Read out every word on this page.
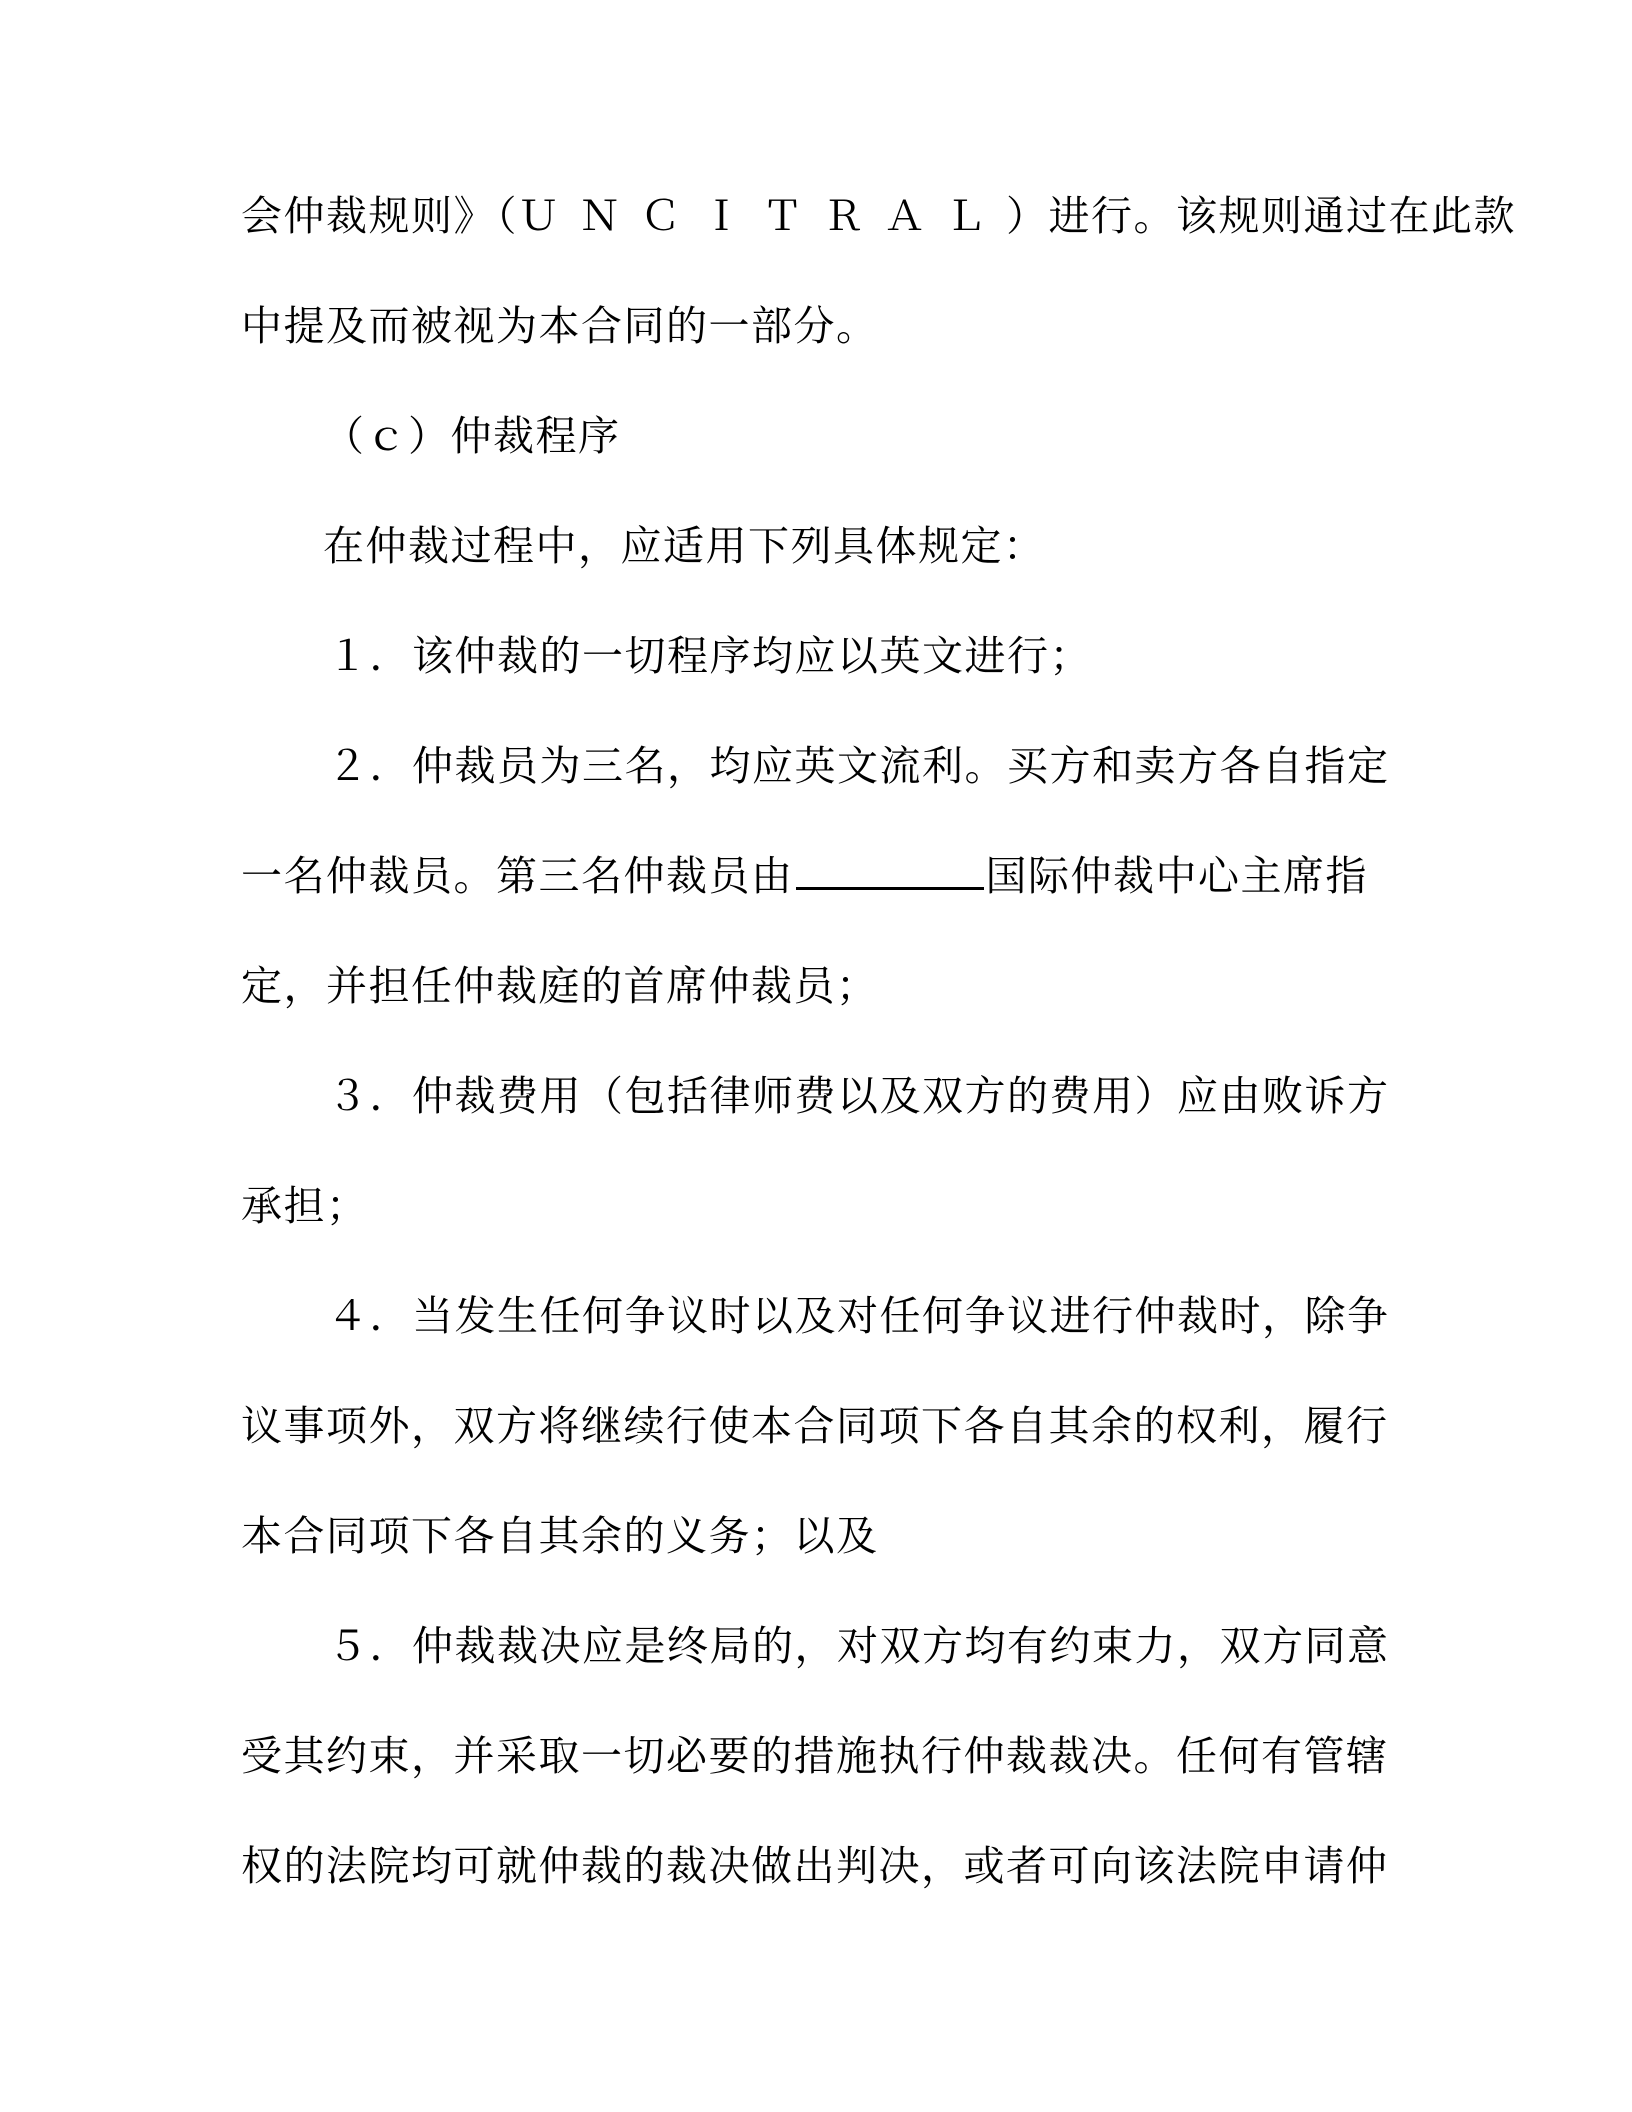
会仲裁规则》（ＵＮＣＩＴＲＡＬ）进行。该规则通过在此款
中提及而被视为本合同的一部分。
（ｃ）仲裁程序
在仲裁过程中，应适用下列具体规定：
１．该仲裁的一切程序均应以英文进行；
２．仲裁员为三名，均应英文流利。买方和卖方各自指定
一名仲裁员。第三名仲裁员由	国际仲裁中心主席指
定，并担任仲裁庭的首席仲裁员；
３．仲裁费用（包括律师费以及双方的费用）应由败诉方
承担；
４．当发生任何争议时以及对任何争议进行仲裁时，除争
议事项外，双方将继续行使本合同项下各自其余的权利，履行
本合同项下各自其余的义务；以及
５．仲裁裁决应是终局的，对双方均有约束力，双方同意
受其约束，并采取一切必要的措施执行仲裁裁决。任何有管辖
权的法院均可就仲裁的裁决做出判决，或者可向该法院申请仲
